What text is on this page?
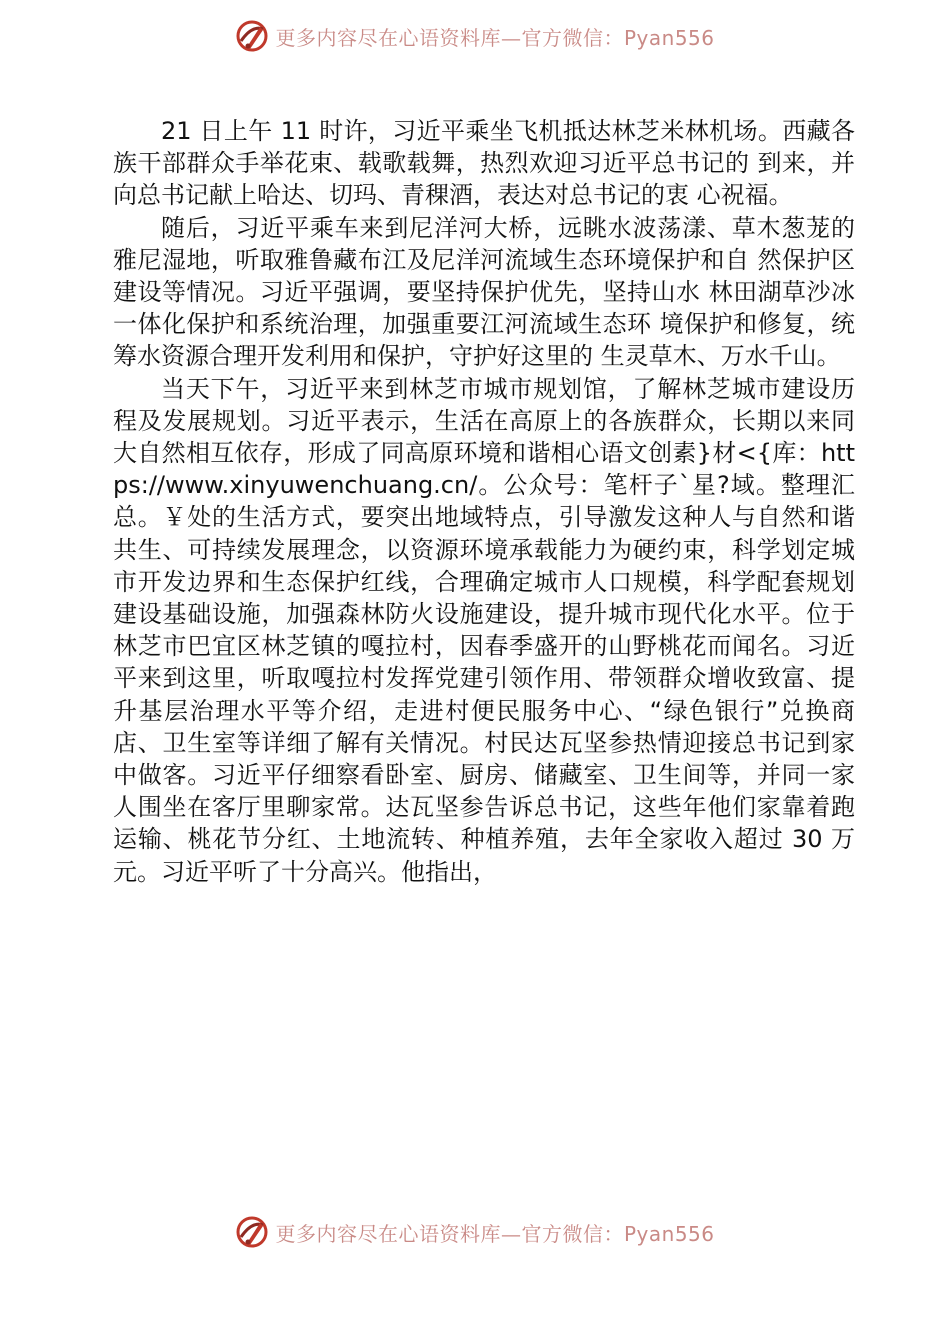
更多内容尽在心语资料库—官方微信：Pyan556

21 日上午 11 时许，习近平乘坐飞机抵达林芝米林机场。西藏各族干部群众手举花束、载歌载舞，热烈欢迎习近平总书记的 到来，并向总书记献上哈达、切玛、青稞酒，表达对总书记的衷 心祝福。

随后，习近平乘车来到尼洋河大桥，远眺水波荡漾、草木葱茏的雅尼湿地，听取雅鲁藏布江及尼洋河流域生态环境保护和自 然保护区建设等情况。习近平强调，要坚持保护优先，坚持山水 林田湖草沙冰一体化保护和系统治理，加强重要江河流域生态环 境保护和修复，统筹水资源合理开发利用和保护，守护好这里的 生灵草木、万水千山。

当天下午，习近平来到林芝市城市规划馆，了解林芝城市建设历程及发展规划。习近平表示，生活在高原上的各族群众，长期以来同大自然相互依存，形成了同高原环境和谐相心语文创素}材<{库：https://www.xinyuwenchuang.cn/。公众号：笔杆子`星?域。整理汇总。￥处的生活方式，要突出地域特点，引导激发这种人与自然和谐共生、可持续发展理念，以资源环境承载能力为硬约束，科学划定城市开发边界和生态保护红线，合理确定城市人口规模，科学配套规划建设基础设施，加强森林防火设施建设，提升城市现代化水平。位于林芝市巴宜区林芝镇的嘎拉村，因春季盛开的山野桃花而闻名。习近平来到这里，听取嘎拉村发挥党建引领作用、带领群众增收致富、提升基层治理水平等介绍，走进村便民服务中心、“绿色银行”兑换商店、卫生室等详细了解有关情况。村民达瓦坚参热情迎接总书记到家中做客。习近平仔细察看卧室、厨房、储藏室、卫生间等，并同一家人围坐在客厅里聊家常。达瓦坚参告诉总书记，这些年他们家靠着跑运输、桃花节分红、土地流转、种植养殖，去年全家收入超过 30 万元。习近平听了十分高兴。他指出，

更多内容尽在心语资料库—官方微信：Pyan556
